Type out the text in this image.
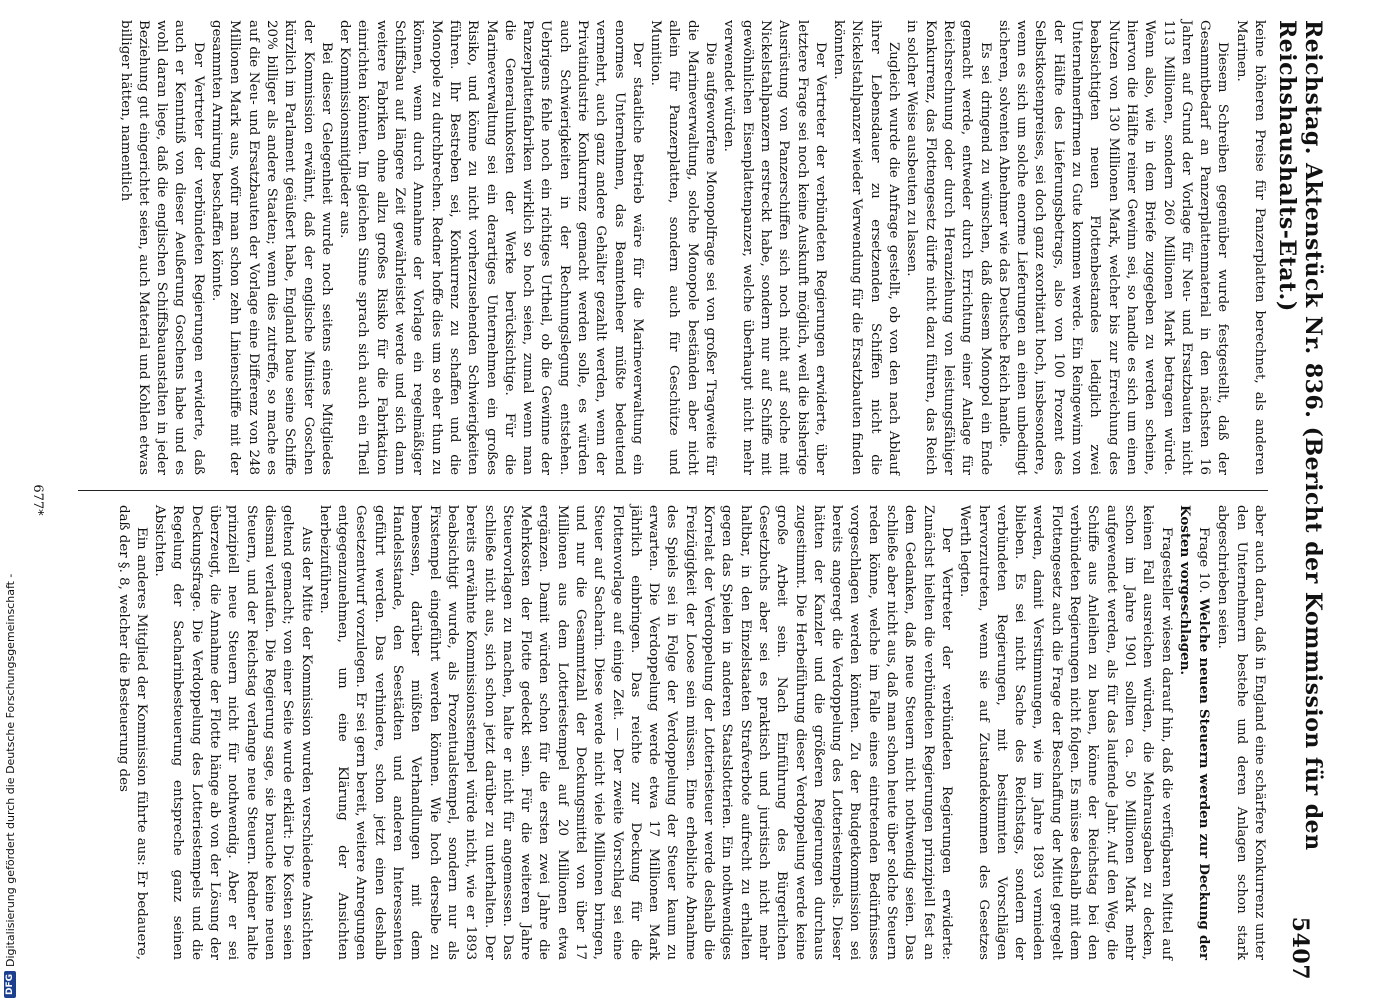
Reichstag. Aktenstück Nr. 836. (Bericht der Kommission für den Reichshaushalts-Etat.)
5407

keine höheren Preise für Panzerplatten berechnet, als anderen Marinen.

Diesem Schreiben gegenüber wurde festgestellt, daß der Gesammtbedarf an Panzerplattenmaterial in den nächsten 16 Jahren auf Grund der Vorlage für Neu- und Ersatzbauten nicht 113 Millionen, sondern 260 Millionen Mark betragen würde. Wenn also, wie in dem Briefe zugegeben zu werden scheine, hiervon die Hälfte reiner Gewinn sei, so handle es sich um einen Nutzen von 130 Millionen Mark, welcher bis zur Erreichung des beabsichtigten neuen Flottenbestandes lediglich zwei Unternehmerfirmen zu Gute kommen werde. Ein Reingewinn von der Hälfte des Lieferungsbetrags, also von 100 Prozent des Selbstkostenpreises, sei doch ganz exorbitant hoch, insbesondere, wenn es sich um solche enorme Lieferungen an einen unbedingt sicheren, solventen Abnehmer wie das Deutsche Reich handle.

Es sei dringend zu wünschen, daß diesem Monopol ein Ende gemacht werde, entweder durch Errichtung einer Anlage für Reichsrechnung oder durch Heranziehung von leistungsfähiger Konkurrenz, das Flottengesetz dürfe nicht dazu führen, das Reich in solcher Weise ausbeuten zu lassen.

Zugleich wurde die Anfrage gestellt, ob von den nach Ablauf ihrer Lebensdauer zu ersetzenden Schiffen nicht die Nickelstahlpanzer wieder Verwendung für die Ersatzbauten finden könnten.

Der Vertreter der verbündeten Regierungen erwiderte, über letztere Frage sei noch keine Auskunft möglich, weil die bisherige Ausrüstung von Panzerschiffen sich noch nicht auf solche mit Nickelstahlpanzern erstreckt habe, sondern nur auf Schiffe mit gewöhnlichen Eisenplattenpanzer, welche überhaupt nicht mehr verwendet würden.

Die aufgeworfene Monopolfrage sei von großer Tragweite für die Marineverwaltung, solche Monopole beständen aber nicht allein für Panzerplatten, sondern auch für Geschütze und Munition.

Der staatliche Betrieb wäre für die Marineverwaltung ein enormes Unternehmen, das Beamtenheer müßte bedeutend vermehrt, auch ganz andere Gehälter gezahlt werden, wenn der Privatindustrie Konkurrenz gemacht werden solle, es würden auch Schwierigkeiten in der Rechnungslegung entstehen. Uebrigens fehle noch ein richtiges Urtheil, ob die Gewinne der Panzerplattenfabriken wirklich so hoch seien, zumal wenn man die Generalunkosten der Werke berücksichtige. Für die Marineverwaltung sei ein derartiges Unternehmen ein großes Risiko, und könne zu nicht vorherzusehenden Schwierigkeiten führen. Ihr Bestreben sei, Konkurrenz zu schaffen und die Monopole zu durchbrechen. Redner hoffe dies um so eher thun zu können, wenn durch Annahme der Vorlage ein regelmäßiger Schiffsbau auf längere Zeit gewährleistet werde und sich dann weitere Fabriken ohne allzu großes Risiko für die Fabrikation einrichten könnten. Im gleichen Sinne sprach sich auch ein Theil der Kommissionsmitglieder aus.

Bei dieser Gelegenheit wurde noch seitens eines Mitgliedes der Kommission erwähnt, daß der englische Minister Goschen kürzlich im Parlament geäußert habe, England baue seine Schiffe 20% billiger als andere Staaten; wenn dies zutreffe, so mache es auf die Neu- und Ersatzbauten der Vorlage eine Differenz von 248 Millionen Mark aus, wofür man schon zehn Linienschiffe mit der gesammten Armirung beschaffen könnte.

Der Vertreter der verbündeten Regierungen erwiderte, daß auch er Kenntniß von dieser Aeußerung Goschens habe und es wohl daran liege, daß die englischen Schiffsbauanstalten in jeder Beziehung gut eingerichtet seien, auch Material und Kohlen etwas billiger hätten, namentlich

aber auch daran, daß in England eine schärfere Konkurrenz unter den Unternehmern bestehe und deren Anlagen schon stark abgeschrieben seien.

Frage 10. Welche neuen Steuern werden zur Deckung der Kosten vorgeschlagen.

Fragesteller wiesen darauf hin, daß die verfügbaren Mittel auf keinen Fall ausreichen würden, die Mehrausgaben zu decken, schon im Jahre 1901 sollten ca. 50 Millionen Mark mehr aufgewendet werden, als für das laufende Jahr. Auf den Weg, die Schiffe aus Anleihen zu bauen, könne der Reichstag bei den verbündeten Regierungen nicht folgen. Es müsse deshalb mit dem Flottengesetz auch die Frage der Beschaffung der Mittel geregelt werden, damit Verstimmungen, wie im Jahre 1893 vermieden blieben. Es sei nicht Sache des Reichstags, sondern der verbündeten Regierungen, mit bestimmten Vorschlägen hervorzutreten, wenn sie auf Zustandekommen des Gesetzes Werth legten.

Der Vertreter der verbündeten Regierungen erwiderte: Zunächst hielten die verbündeten Regierungen prinzipiell fest an dem Gedanken, daß neue Steuern nicht nothwendig seien. Das schließe aber nicht aus, daß man schon heute über solche Steuern reden könne, welche im Falle eines eintretenden Bedürfnisses vorgeschlagen werden könnten. Zu der Budgetkommission sei bereits angeregt die Verdoppelung des Lotteriestempels. Dieser hätten der Kanzler und die größeren Regierungen durchaus zugestimmt. Die Herbeiführung dieser Verdoppelung werde keine große Arbeit sein. Nach Einführung des Bürgerlichen Gesetzbuchs aber sei es praktisch und juristisch nicht mehr haltbar, in den Einzelstaaten Strafverbote aufrecht zu erhalten gegen das Spielen in anderen Staatslotterien. Ein nothwendiges Korrelat der Verdoppelung der Lotteriesteuer werde deshalb die Freizügigkeit der Loose sein müssen. Eine erhebliche Abnahme des Spiels sei in Folge der Verdoppelung der Steuer kaum zu erwarten. Die Verdoppelung werde etwa 17 Millionen Mark jährlich einbringen. Das reichte zur Deckung für die Flottenvorlage auf einige Zeit. — Der zweite Vorschlag sei eine Steuer auf Sacharin. Diese werde nicht viele Millionen bringen, und nur die Gesammtzahl der Deckungsmittel von über 17 Millionen aus dem Lotteriestempel auf 20 Millionen etwa ergänzen. Damit würden schon für die ersten zwei Jahre die Mehrkosten der Flotte gedeckt sein. Für die weiteren Jahre Steuervorlagen zu machen, halte er nicht für angemessen. Das schließe nicht aus, sich schon jetzt darüber zu unterhalten. Der bereits erwähnte Kommissionsstempel würde nicht, wie er 1893 beabsichtigt wurde, als Prozentualstempel, sondern nur als Fixstempel eingeführt werden können. Wie hoch derselbe zu bemessen, darüber müßten Verhandlungen mit dem Handelsstande, den Seestädten und anderen Interessenten geführt werden. Das verhindere, schon jetzt einen deshalb Gesetzentwurf vorzulegen. Er sei gern bereit, weitere Anregungen entgegenzunehmen, um eine Klärung der Ansichten herbeizuführen.

Aus der Mitte der Kommission wurden verschiedene Ansichten geltend gemacht; von einer Seite wurde erklärt: Die Kosten seien diesmal verlaufen. Die Regierung sage, sie brauche keine neuen Steuern, und der Reichstag verlange neue Steuern. Redner halte prinzipiell neue Steuern nicht für nothwendig. Aber er sei überzeugt, die Annahme der Flotte hänge ab von der Lösung der Deckungsfrage. Die Verdoppelung des Lotteriestempels und die Regelung der Sacharinbesteuerung entspreche ganz seinen Absichten.

Ein anderes Mitglied der Kommission führte aus: Er bedauere, daß der §. 8, welcher die Besteuerung des

677*
DFG
Digitalisierung gefördert durch die Deutsche Forschungsgemeinschaft -
